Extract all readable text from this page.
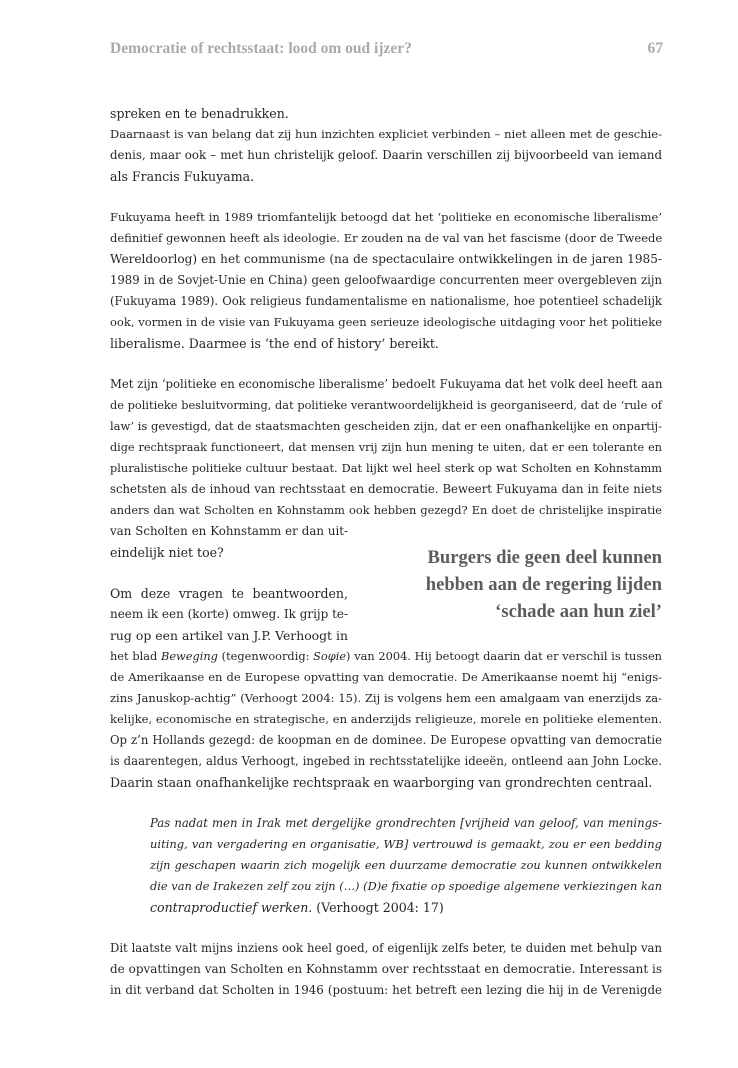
Democratie of rechtsstaat: lood om oud ijzer?	67
spreken en te benadrukken.
Daarnaast is van belang dat zij hun inzichten expliciet verbinden – niet alleen met de geschie-
denis, maar ook – met hun christelijk geloof. Daarin verschillen zij bijvoorbeeld van iemand
als Francis Fukuyama.
Fukuyama heeft in 1989 triomfantelijk betoogd dat het ‘politieke en economische liberalisme’
definitief gewonnen heeft als ideologie. Er zouden na de val van het fascisme (door de Tweede
Wereldoorlog) en het communisme (na de spectaculaire ontwikkelingen in de jaren 1985-
1989 in de Sovjet-Unie en China) geen geloofwaardige concurrenten meer overgebleven zijn
(Fukuyama 1989). Ook religieus fundamentalisme en nationalisme, hoe potentieel schadelijk
ook, vormen in de visie van Fukuyama geen serieuze ideologische uitdaging voor het politieke
liberalisme. Daarmee is ‘the end of history’ bereikt.
Met zijn ‘politieke en economische liberalisme’ bedoelt Fukuyama dat het volk deel heeft aan
de politieke besluitvorming, dat politieke verantwoordelijkheid is georganiseerd, dat de ‘rule of
law’ is gevestigd, dat de staatsmachten gescheiden zijn, dat er een onafhankelijke en onpartij-
dige rechtspraak functioneert, dat mensen vrij zijn hun mening te uiten, dat er een tolerante en
pluralistische politieke cultuur bestaat. Dat lijkt wel heel sterk op wat Scholten en Kohnstamm
schetsten als de inhoud van rechtsstaat en democratie. Beweert Fukuyama dan in feite niets
anders dan wat Scholten en Kohnstamm ook hebben gezegd? En doet de christelijke inspiratie
van Scholten en Kohnstamm er dan uit-
eindelijk niet toe?	Burgers die geen deel kunnen
hebben aan de regering lijden
‘schade aan hun ziel’
Om deze vragen te beantwoorden,
neem ik een (korte) omweg. Ik grijp te-
rug op een artikel van J.P. Verhoogt in
het blad Beweging (tegenwoordig: Sοφie) van 2004. Hij betoogt daarin dat er verschil is tussen
de Amerikaanse en de Europese opvatting van democratie. De Amerikaanse noemt hij “enigs-
zins Januskop-achtig” (Verhoogt 2004: 15). Zij is volgens hem een amalgaam van enerzijds za-
kelijke, economische en strategische, en anderzijds religieuze, morele en politieke elementen.
Op z’n Hollands gezegd: de koopman en de dominee. De Europese opvatting van democratie
is daarentegen, aldus Verhoogt, ingebed in rechtsstatelijke ideeën, ontleend aan John Locke.
Daarin staan onafhankelijke rechtspraak en waarborging van grondrechten centraal.
Pas nadat men in Irak met dergelijke grondrechten [vrijheid van geloof, van menings-
uiting, van vergadering en organisatie, WB] vertrouwd is gemaakt, zou er een bedding
zijn geschapen waarin zich mogelijk een duurzame democratie zou kunnen ontwikkelen
die van de Irakezen zelf zou zijn (…) (D)e fixatie op spoedige algemene verkiezingen kan
contraproductief werken. (Verhoogt 2004: 17)
Dit laatste valt mijns inziens ook heel goed, of eigenlijk zelfs beter, te duiden met behulp van
de opvattingen van Scholten en Kohnstamm over rechtsstaat en democratie. Interessant is
in dit verband dat Scholten in 1946 (postuum: het betreft een lezing die hij in de Verenigde
